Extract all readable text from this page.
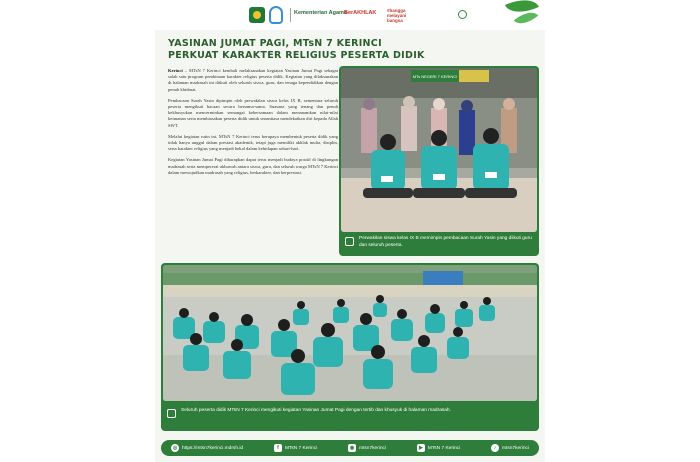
Kementerian Agama
BerAKHLAK #bangga melayani bangsa
YASINAN JUMAT PAGI, MTsN 7 KERINCI
PERKUAT KARAKTER RELIGIUS PESERTA DIDIK

Kerinci – MTsN 7 Kerinci kembali melaksanakan kegiatan Yasinan Jumat Pagi sebagai salah satu program pembinaan karakter religius peserta didik. Kegiatan yang dilaksanakan di halaman madrasah ini diikuti oleh seluruh siswa, guru, dan tenaga kependidikan dengan penuh khidmat.

Pembacaan Surah Yasin dipimpin oleh perwakilan siswa kelas IX B, sementara seluruh peserta mengikuti bacaan secara bersama-sama. Suasana yang tenang dan penuh kekhusyukan mencerminkan semangat kebersamaan dalam menanamkan nilai-nilai keimanan serta membiasakan peserta didik untuk senantiasa mendekatkan diri kepada Allah SWT.

Melalui kegiatan rutin ini, MTsN 7 Kerinci terus berupaya membentuk peserta didik yang tidak hanya unggul dalam prestasi akademik, tetapi juga memiliki akhlak mulia, disiplin, serta karakter religius yang menjadi bekal dalam kehidupan sehari-hari.

Kegiatan Yasinan Jumat Pagi diharapkan dapat terus menjadi budaya positif di lingkungan madrasah serta mempererat ukhuwah antara siswa, guru, dan seluruh warga MTsN 7 Kerinci dalam mewujudkan madrasah yang religius, berkarakter, dan berprestasi.

MTs NEGERI 7 KERINCI
Perwakilan siswa kelas IX B memimpin pembacaan Surah Yasin yang diikuti guru dan seluruh peserta.
Seluruh peserta didik MTsN 7 Kerinci mengikuti kegiatan Yasinan Jumat Pagi dengan tertib dan khusyuk di halaman madrasah.
◎	https://mtsn7kerinci.mdrsh.id	f	MTsN 7 Kerinci	◉	mtsn7kerinci	▶	MTsN 7 Kerinci	♪	mtsn7kerinci
